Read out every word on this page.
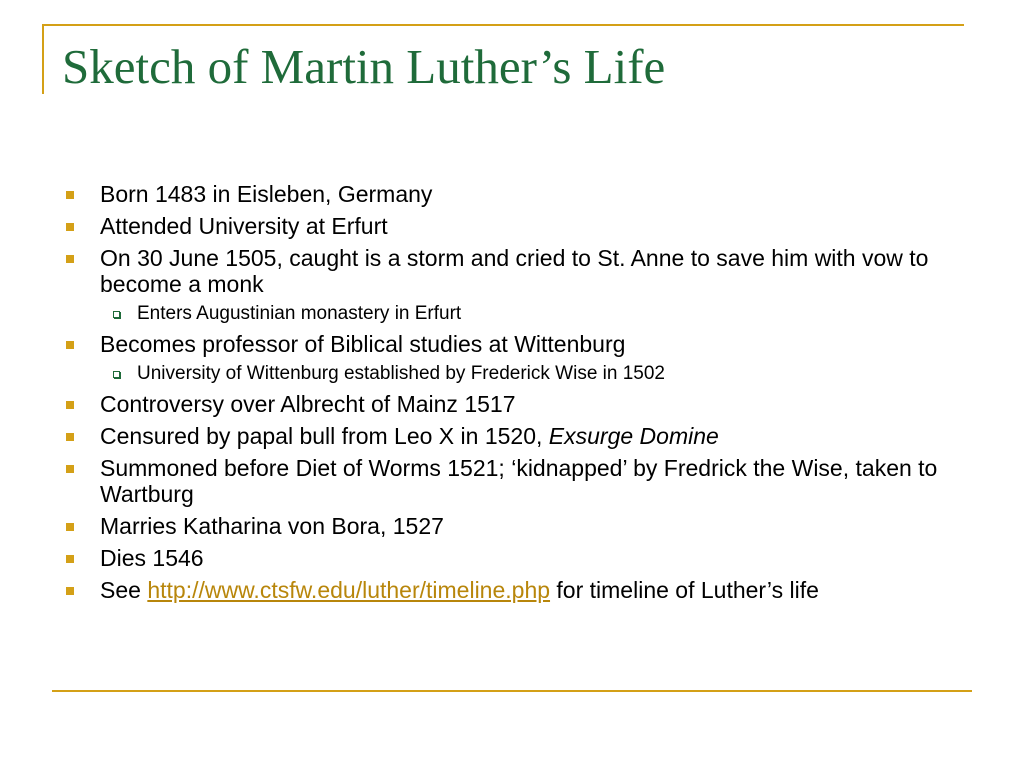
Sketch of Martin Luther’s Life
Born 1483 in Eisleben, Germany
Attended University at Erfurt
On 30 June 1505, caught is a storm and cried to St. Anne to save him with vow to become a monk
Enters Augustinian monastery in Erfurt
Becomes professor of Biblical studies at Wittenburg
University of Wittenburg established by Frederick Wise in 1502
Controversy over Albrecht of Mainz 1517
Censured by papal bull from Leo X in 1520, Exsurge Domine
Summoned before Diet of Worms 1521; ‘kidnapped’ by Fredrick the Wise, taken to Wartburg
Marries Katharina von Bora, 1527
Dies 1546
See http://www.ctsfw.edu/luther/timeline.php for timeline of Luther’s life
